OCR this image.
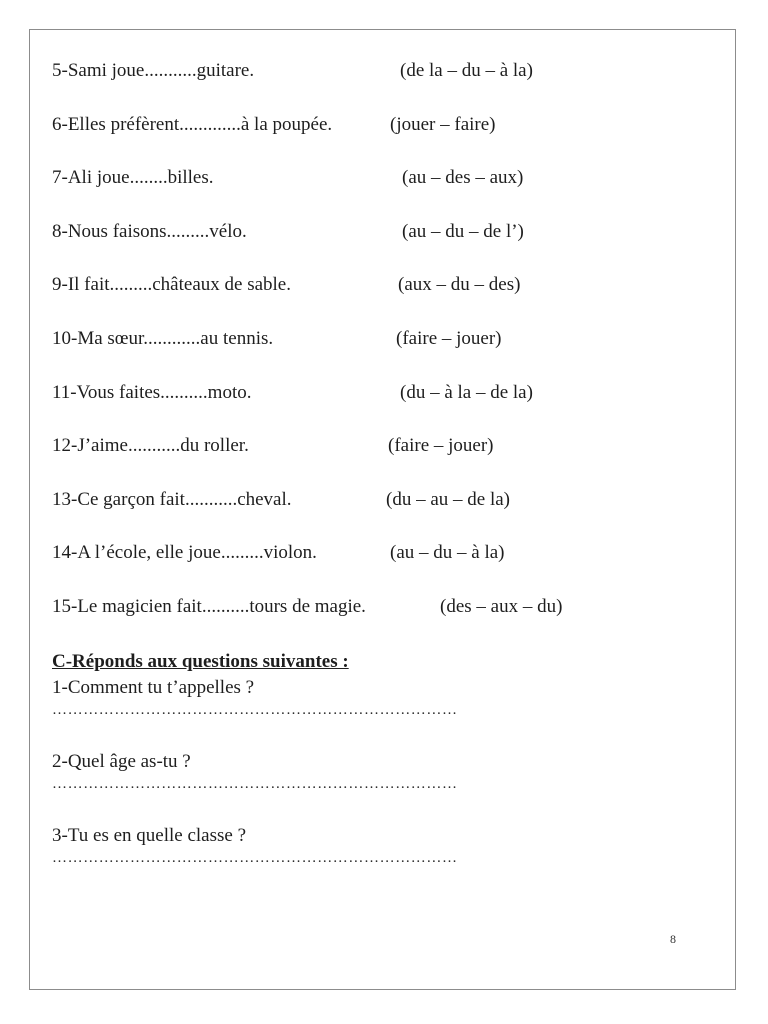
5-Sami joue...........guitare.	(de la – du – à la)
6-Elles préfèrent.............à la poupée.	(jouer – faire)
7-Ali joue........billes.	(au – des – aux)
8-Nous faisons.........vélo.	(au – du – de l’)
9-Il fait.........châteaux de sable.	(aux – du – des)
10-Ma sœur............au tennis.	(faire – jouer)
11-Vous faites..........moto.	(du – à la – de la)
12-J’aime...........du roller.	(faire – jouer)
13-Ce garçon fait...........cheval.	(du – au – de la)
14-A l’école, elle joue.........violon.	(au – du – à la)
15-Le magicien fait..........tours de magie.	(des – aux – du)

C-Réponds aux questions suivantes :

1-Comment tu t’appelles ?

……………………………………………………………………

2-Quel âge as-tu ?

……………………………………………………………………

3-Tu es en quelle classe ?

……………………………………………………………………
8
